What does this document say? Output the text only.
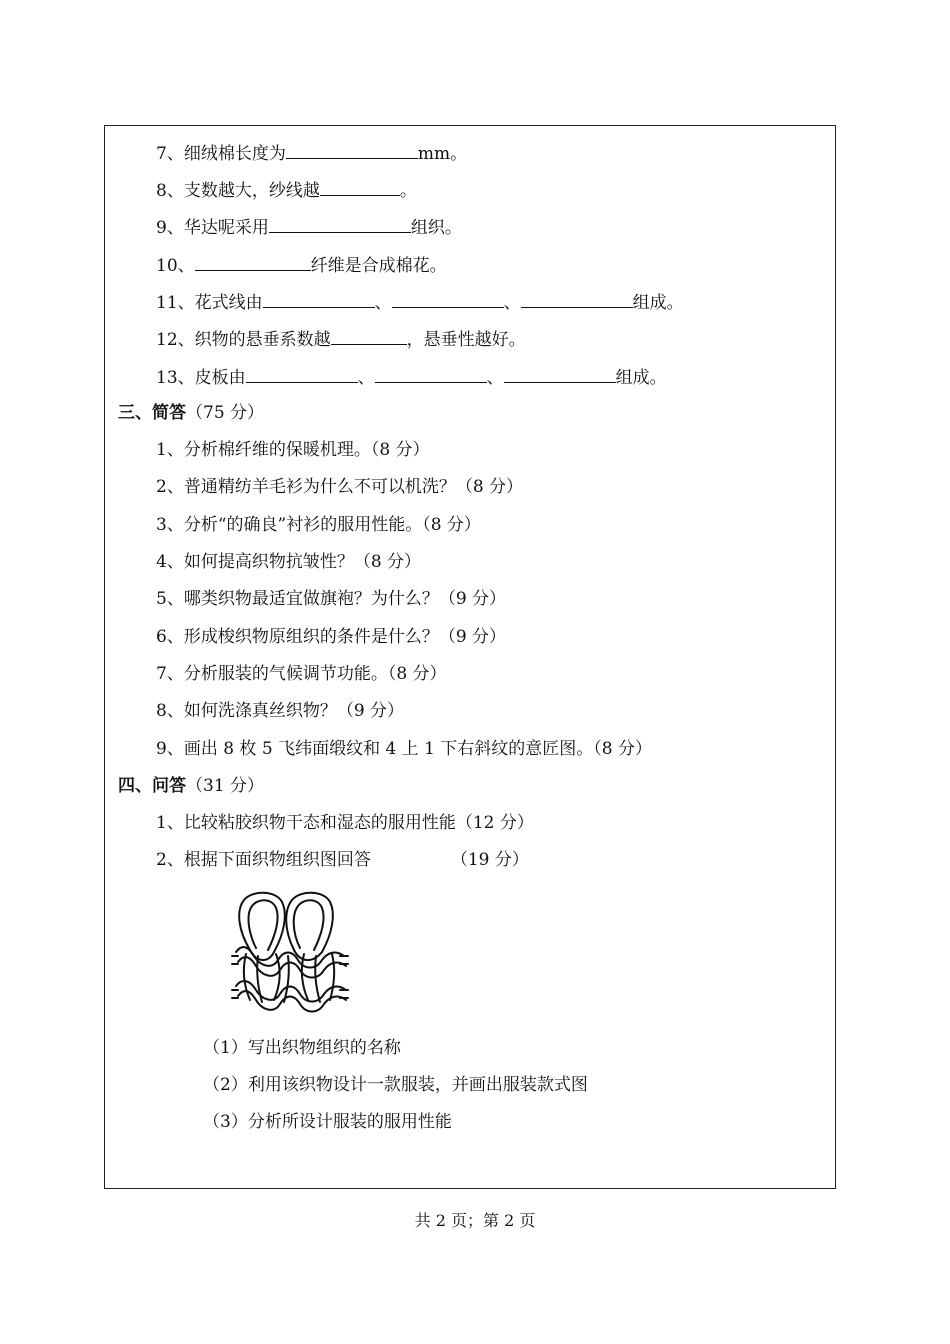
7、细绒棉长度为	mm。
8、支数越大，纱线越	。
9、华达呢采用	组织。
10、	纤维是合成棉花。
11、花式线由	、	、	组成。
12、织物的悬垂系数越	，悬垂性越好。
13、皮板由	、	、	组成。
三、简答（75 分）
1、分析棉纤维的保暖机理。（8 分）
2、普通精纺羊毛衫为什么不可以机洗？（8 分）
3、分析“的确良”衬衫的服用性能。（8 分）
4、如何提高织物抗皱性？（8 分）
5、哪类织物最适宜做旗袍？为什么？（9 分）
6、形成梭织物原组织的条件是什么？（9 分）
7、分析服装的气候调节功能。（8 分）
8、如何洗涤真丝织物？（9 分）
9、画出 8 枚 5 飞纬面缎纹和 4 上 1 下右斜纹的意匠图。（8 分）
四、问答（31 分）
1、比较粘胶织物干态和湿态的服用性能（12 分）
2、根据下面织物组织图回答	（19 分）
（1）写出织物组织的名称
（2）利用该织物设计一款服装，并画出服装款式图
（3）分析所设计服装的服用性能
共 2 页；第 2 页
